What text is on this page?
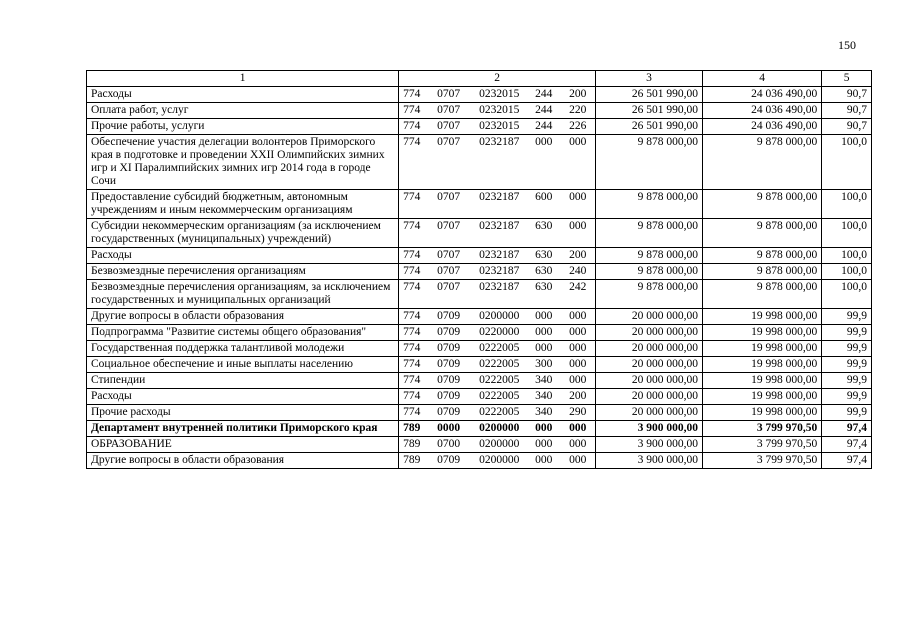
150
1	2	3	4	5
Расходы	774 0707 0232015 244 200	26 501 990,00	24 036 490,00	90,7
Оплата работ, услуг	774 0707 0232015 244 220	26 501 990,00	24 036 490,00	90,7
Прочие работы, услуги	774 0707 0232015 244 226	26 501 990,00	24 036 490,00	90,7
Обеспечение участия делегации волонтеров Приморского края в подготовке и проведении XXII Олимпийских зимних игр и XI Паралимпийских зимних игр 2014 года в городе Сочи	774 0707 0232187 000 000	9 878 000,00	9 878 000,00	100,0
Предоставление субсидий бюджетным, автономным учреждениям и иным некоммерческим организациям	774 0707 0232187 600 000	9 878 000,00	9 878 000,00	100,0
Субсидии некоммерческим организациям (за исключением государственных (муниципальных) учреждений)	774 0707 0232187 630 000	9 878 000,00	9 878 000,00	100,0
Расходы	774 0707 0232187 630 200	9 878 000,00	9 878 000,00	100,0
Безвозмездные перечисления организациям	774 0707 0232187 630 240	9 878 000,00	9 878 000,00	100,0
Безвозмездные перечисления организациям, за исключением государственных и муниципальных организаций	774 0707 0232187 630 242	9 878 000,00	9 878 000,00	100,0
Другие вопросы в области образования	774 0709 0200000 000 000	20 000 000,00	19 998 000,00	99,9
Подпрограмма "Развитие системы общего образования"	774 0709 0220000 000 000	20 000 000,00	19 998 000,00	99,9
Государственная поддержка талантливой молодежи	774 0709 0222005 000 000	20 000 000,00	19 998 000,00	99,9
Социальное обеспечение и иные выплаты населению	774 0709 0222005 300 000	20 000 000,00	19 998 000,00	99,9
Стипендии	774 0709 0222005 340 000	20 000 000,00	19 998 000,00	99,9
Расходы	774 0709 0222005 340 200	20 000 000,00	19 998 000,00	99,9
Прочие расходы	774 0709 0222005 340 290	20 000 000,00	19 998 000,00	99,9
Департамент внутренней политики Приморского края	789 0000 0200000 000 000	3 900 000,00	3 799 970,50	97,4
ОБРАЗОВАНИЕ	789 0700 0200000 000 000	3 900 000,00	3 799 970,50	97,4
Другие вопросы в области образования	789 0709 0200000 000 000	3 900 000,00	3 799 970,50	97,4
